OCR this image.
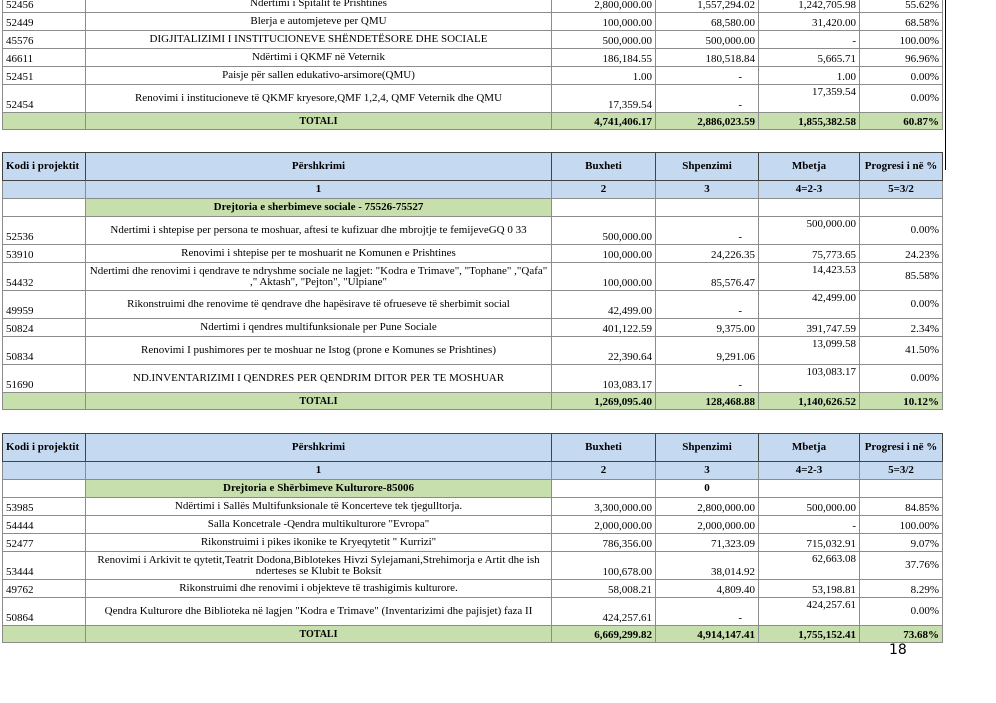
52456	Ndertimi i Spitalit te Prishtines	2,800,000.00	1,557,294.02	1,242,705.98	55.62%
52449	Blerja e automjeteve per QMU	100,000.00	68,580.00	31,420.00	68.58%
45576	DIGJITALIZIMI I INSTITUCIONEVE SHËNDETËSORE DHE SOCIALE	500,000.00	500,000.00	-	100.00%
46611	Ndërtimi i QKMF në Veternik	186,184.55	180,518.84	5,665.71	96.96%
52451	Paisje për sallen edukativo-arsimore(QMU)	1.00	-	1.00	0.00%
52454	Renovimi i institucioneve të QKMF kryesore,QMF 1,2,4, QMF Veternik dhe QMU	17,359.54	-	17,359.54	0.00%
	TOTALI	4,741,406.17	2,886,023.59	1,855,382.58	60.87%
Kodi i projektit	Përshkrimi	Buxheti	Shpenzimi	Mbetja	Progresi i në %
	1	2	3	4=2-3	5=3/2
	Drejtoria e sherbimeve sociale - 75526-75527				
52536	Ndertimi i shtepise per persona te moshuar, aftesi te kufizuar dhe mbrojtje te femijeveGQ 0 33	500,000.00	-	500,000.00	0.00%
53910	Renovimi i shtepise per te moshuarit ne Komunen e Prishtines	100,000.00	24,226.35	75,773.65	24.23%
54432	Ndertimi dhe renovimi i qendrave te ndryshme sociale ne lagjet: "Kodra e Trimave", "Tophane" ,"Qafa" ," Aktash", "Pejton", "Ulpiane"	100,000.00	85,576.47	14,423.53	85.58%
49959	Rikonstruimi dhe renovime të qendrave dhe hapësirave të ofrueseve të sherbimit social	42,499.00	-	42,499.00	0.00%
50824	Ndertimi i qendres multifunksionale per Pune Sociale	401,122.59	9,375.00	391,747.59	2.34%
50834	Renovimi I pushimores per te moshuar ne Istog (prone e Komunes se Prishtines)	22,390.64	9,291.06	13,099.58	41.50%
51690	ND.INVENTARIZIMI I QENDRES PER QENDRIM DITOR PER TE MOSHUAR	103,083.17	-	103,083.17	0.00%
	TOTALI	1,269,095.40	128,468.88	1,140,626.52	10.12%
Kodi i projektit	Përshkrimi	Buxheti	Shpenzimi	Mbetja	Progresi i në %
	1	2	3	4=2-3	5=3/2
	Drejtoria e Shërbimeve Kulturore-85006		0		
53985	Ndërtimi i Sallës Multifunksionale të Koncerteve tek tjegulltorja.	3,300,000.00	2,800,000.00	500,000.00	84.85%
54444	Salla Koncetrale -Qendra multikulturore "Evropa"	2,000,000.00	2,000,000.00	-	100.00%
52477	Rikonstruimi i pikes ikonike te Kryeqytetit " Kurrizi"	786,356.00	71,323.09	715,032.91	9.07%
53444	Renovimi i Arkivit te qytetit,Teatrit Dodona,Biblotekes Hivzi Sylejamani,Strehimorja e Artit dhe ish nderteses se Klubit te Boksit	100,678.00	38,014.92	62,663.08	37.76%
49762	Rikonstruimi dhe renovimi i objekteve të trashigimis kulturore.	58,008.21	4,809.40	53,198.81	8.29%
50864	Qendra Kulturore dhe Biblioteka në lagjen "Kodra e Trimave" (Inventarizimi dhe pajisjet) faza II	424,257.61	-	424,257.61	0.00%
	TOTALI	6,669,299.82	4,914,147.41	1,755,152.41	73.68%
18
